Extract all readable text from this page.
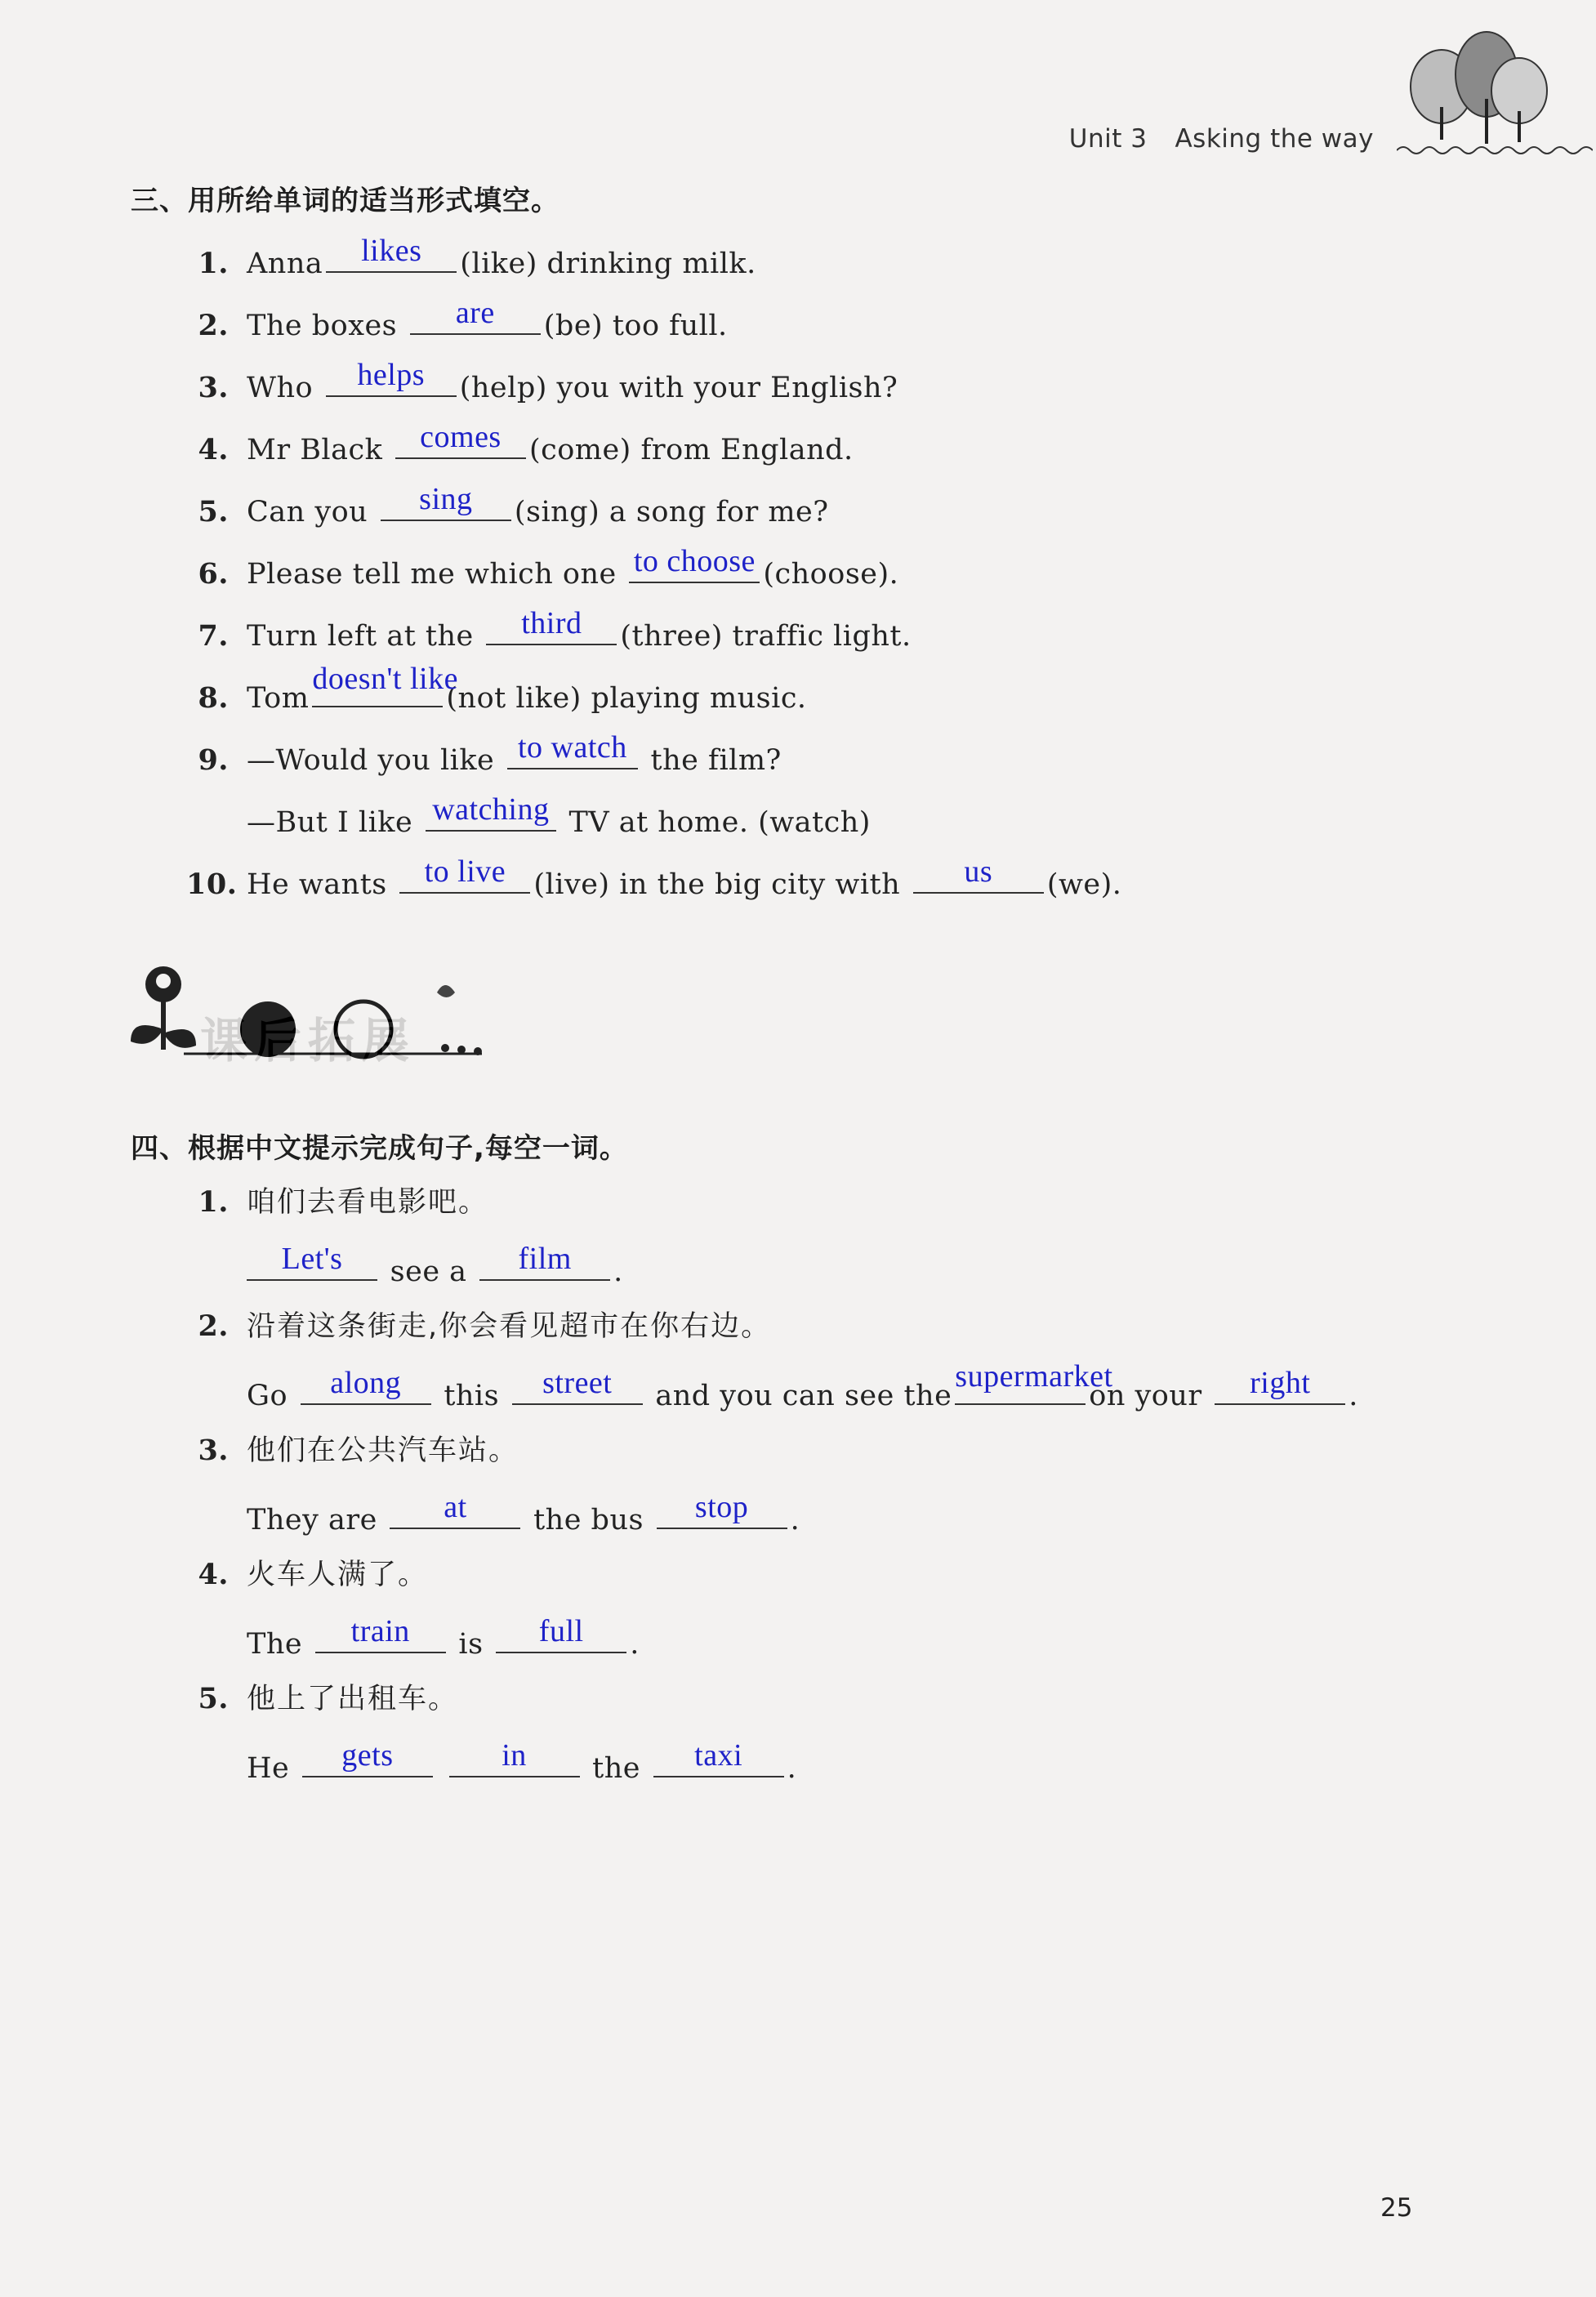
Unit 3 Asking the way
三、用所给单词的适当形式填空。
1. Anna	likes	(like) drinking milk.
2. The boxes	are	(be) too full.
3. Who	helps	(help) you with your English?
4. Mr Black	comes (come) from England.
5. Can you	sing	(sing) a song for me?
6. Please tell me which one to choose (choose).
7. Turn left at the	third	(three) traffic light.
8. Tom
doesn't like
(not like) playing music.
9. —Would you like to watch the film?
—But I like watching TV at home. (watch)
10. He wants	to live (live) in the big city with	us	(we).
课后拓展
四、根据中文提示完成句子,每空一词。
1. 咱们去看电影吧。
Let's	see a	film	.
2. 沿着这条街走,你会看见超市在你右边。
Go	along	this	street	and you can see the
supermarket
on your	right	.
3. 他们在公共汽车站。
They are	at	the bus	stop	.
4. 火车人满了。
The	train	is	full	.
5. 他上了出租车。
He	gets
	in	the	taxi	.
25
